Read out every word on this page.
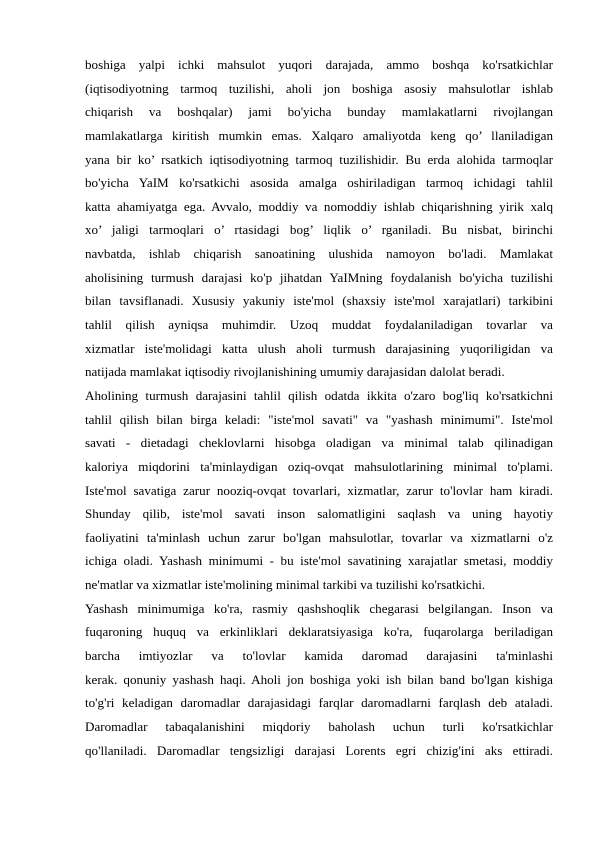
boshiga yalpi ichki mahsulot yuqori darajada, ammo boshqa ko'rsatkichlar
(iqtisodiyotning tarmoq tuzilishi, aholi jon boshiga asosiy mahsulotlar ishlab
chiqarish va boshqalar) jami bo'yicha bunday mamlakatlarni rivojlangan
mamlakatlarga kiritish mumkin emas. Xalqaro amaliyotda keng qo’ llaniladigan
yana bir ko’ rsatkich iqtisodiyotning tarmoq tuzilishidir. Bu erda alohida tarmoqlar
bo'yicha YaIM ko'rsatkichi asosida amalga oshiriladigan tarmoq ichidagi tahlil
katta ahamiyatga ega. Avvalo, moddiy va nomoddiy ishlab chiqarishning yirik xalq
xo’ jaligi tarmoqlari o’ rtasidagi bog’ liqlik o’ rganiladi. Bu nisbat, birinchi
navbatda, ishlab chiqarish sanoatining ulushida namoyon bo'ladi. Mamlakat
aholisining turmush darajasi ko'p jihatdan YaIMning foydalanish bo'yicha tuzilishi
bilan tavsiflanadi. Xususiy yakuniy iste'mol (shaxsiy iste'mol xarajatlari) tarkibini
tahlil qilish ayniqsa muhimdir. Uzoq muddat foydalaniladigan tovarlar va
xizmatlar iste'molidagi katta ulush aholi turmush darajasining yuqoriligidan va
natijada mamlakat iqtisodiy rivojlanishining umumiy darajasidan dalolat beradi.
Aholining turmush darajasini tahlil qilish odatda ikkita o'zaro bog'liq ko'rsatkichni
tahlil qilish bilan birga keladi: "iste'mol savati" va "yashash minimumi". Iste'mol
savati - dietadagi cheklovlarni hisobga oladigan va minimal talab qilinadigan
kaloriya miqdorini ta'minlaydigan oziq-ovqat mahsulotlarining minimal to'plami.
Iste'mol savatiga zarur nooziq-ovqat tovarlari, xizmatlar, zarur to'lovlar ham kiradi.
Shunday qilib, iste'mol savati inson salomatligini saqlash va uning hayotiy
faoliyatini ta'minlash uchun zarur bo'lgan mahsulotlar, tovarlar va xizmatlarni o'z
ichiga oladi. Yashash minimumi - bu iste'mol savatining xarajatlar smetasi, moddiy
ne'matlar va xizmatlar iste'molining minimal tarkibi va tuzilishi ko'rsatkichi.
Yashash minimumiga ko'ra, rasmiy qashshoqlik chegarasi belgilangan. Inson va
fuqaroning huquq va erkinliklari deklaratsiyasiga ko'ra, fuqarolarga beriladigan
barcha imtiyozlar va to'lovlar kamida daromad darajasini ta'minlashi
kerak. qonuniy yashash haqi. Aholi jon boshiga yoki ish bilan band bo'lgan kishiga
to'g'ri keladigan daromadlar darajasidagi farqlar daromadlarni farqlash deb ataladi.
Daromadlar tabaqalanishini miqdoriy baholash uchun turli ko'rsatkichlar
qo'llaniladi. Daromadlar tengsizligi darajasi Lorents egri chizig'ini aks ettiradi.
